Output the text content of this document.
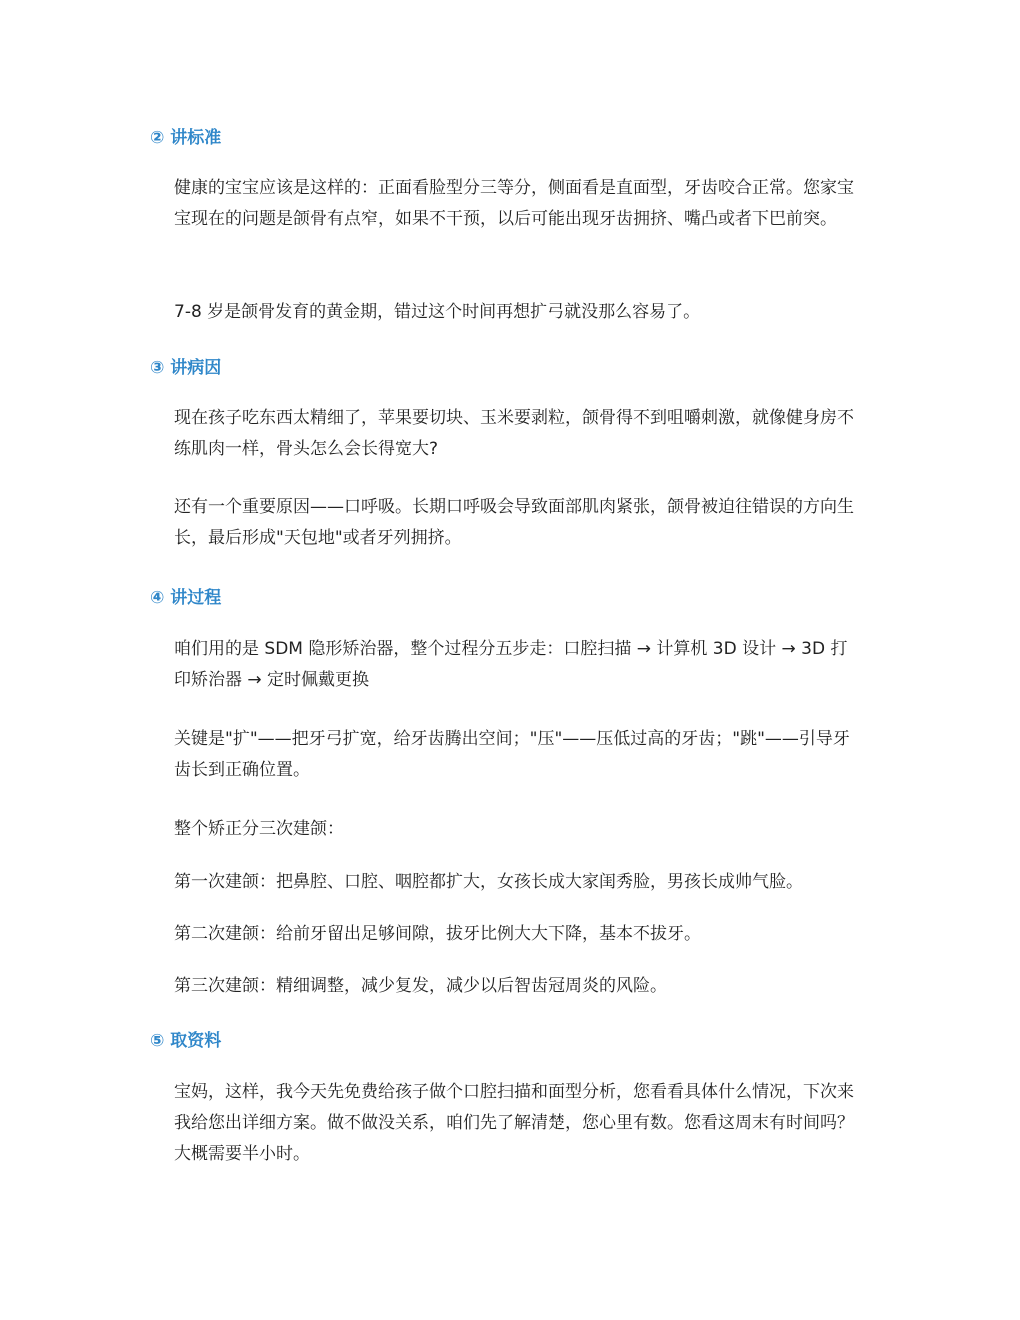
② 讲标准
健康的宝宝应该是这样的：正面看脸型分三等分，侧面看是直面型，牙齿咬合正常。您家宝宝现在的问题是颌骨有点窄，如果不干预，以后可能出现牙齿拥挤、嘴凸或者下巴前突。
7-8 岁是颌骨发育的黄金期，错过这个时间再想扩弓就没那么容易了。
③ 讲病因
现在孩子吃东西太精细了，苹果要切块、玉米要剥粒，颌骨得不到咀嚼刺激，就像健身房不练肌肉一样，骨头怎么会长得宽大?
还有一个重要原因——口呼吸。长期口呼吸会导致面部肌肉紧张，颌骨被迫往错误的方向生长，最后形成"天包地"或者牙列拥挤。
④ 讲过程
咱们用的是 SDM 隐形矫治器，整个过程分五步走：口腔扫描 → 计算机 3D 设计 → 3D 打印矫治器 → 定时佩戴更换
关键是"扩"——把牙弓扩宽，给牙齿腾出空间；"压"——压低过高的牙齿；"跳"——引导牙齿长到正确位置。
整个矫正分三次建颌：
第一次建颌：把鼻腔、口腔、咽腔都扩大，女孩长成大家闺秀脸，男孩长成帅气脸。
第二次建颌：给前牙留出足够间隙，拔牙比例大大下降，基本不拔牙。
第三次建颌：精细调整，减少复发，减少以后智齿冠周炎的风险。
⑤ 取资料
宝妈，这样，我今天先免费给孩子做个口腔扫描和面型分析，您看看具体什么情况，下次来我给您出详细方案。做不做没关系，咱们先了解清楚，您心里有数。您看这周末有时间吗？大概需要半小时。
